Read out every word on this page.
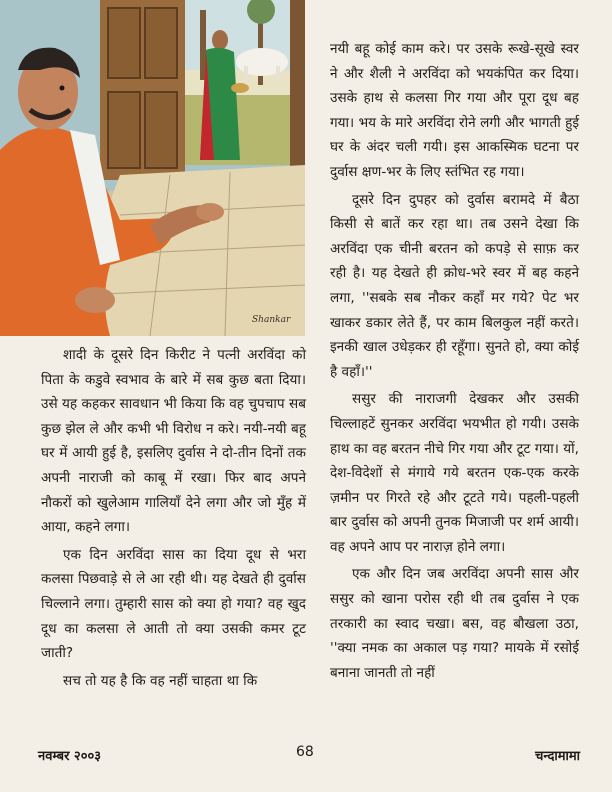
Shankar

शादी के दूसरे दिन किरीट ने पत्नी अरविंदा को पिता के कडुवे स्वभाव के बारे में सब कुछ बता दिया। उसे यह कहकर सावधान भी किया कि वह चुपचाप सब कुछ झेल ले और कभी भी विरोध न करे। नयी-नयी बहू घर में आयी हुई है, इसलिए दुर्वास ने दो-तीन दिनों तक अपनी नाराजी को काबू में रखा। फिर बाद अपने नौकरों को खुलेआम गालियाँ देने लगा और जो मुँह में आया, कहने लगा।

एक दिन अरविंदा सास का दिया दूध से भरा कलसा पिछवाड़े से ले आ रही थी। यह देखते ही दुर्वास चिल्लाने लगा। तुम्हारी सास को क्या हो गया? वह खुद दूध का कलसा ले आती तो क्या उसकी कमर टूट जाती?

सच तो यह है कि वह नहीं चाहता था कि

नयी बहू कोई काम करे। पर उसके रूखे-सूखे स्वर ने और शैली ने अरविंदा को भयकंपित कर दिया। उसके हाथ से कलसा गिर गया और पूरा दूध बह गया। भय के मारे अरविंदा रोने लगी और भागती हुई घर के अंदर चली गयी। इस आकस्मिक घटना पर दुर्वास क्षण-भर के लिए स्तंभित रह गया।

दूसरे दिन दुपहर को दुर्वास बरामदे में बैठा किसी से बातें कर रहा था। तब उसने देखा कि अरविंदा एक चीनी बरतन को कपड़े से साफ़ कर रही है। यह देखते ही क्रोध-भरे स्वर में बह कहने लगा, ''सबके सब नौकर कहाँ मर गये? पेट भर खाकर डकार लेते हैं, पर काम बिलकुल नहीं करते। इनकी खाल उधेड़कर ही रहूँगा। सुनते हो, क्या कोई है वहाँ।''

ससुर की नाराजगी देखकर और उसकी चिल्लाहटें सुनकर अरविंदा भयभीत हो गयी। उसके हाथ का वह बरतन नीचे गिर गया और टूट गया। यों, देश-विदेशों से मंगाये गये बरतन एक-एक करके ज़मीन पर गिरते रहे और टूटते गये। पहली-पहली बार दुर्वास को अपनी तुनक मिजाजी पर शर्म आयी। वह अपने आप पर नाराज़ होने लगा।

एक और दिन जब अरविंदा अपनी सास और ससुर को खाना परोस रही थी तब दुर्वास ने एक तरकारी का स्वाद चखा। बस, वह बौखला उठा, ''क्या नमक का अकाल पड़ गया? मायके में रसोई बनाना जानती तो नहीं

नवम्बर २००३	68	चन्दामामा
